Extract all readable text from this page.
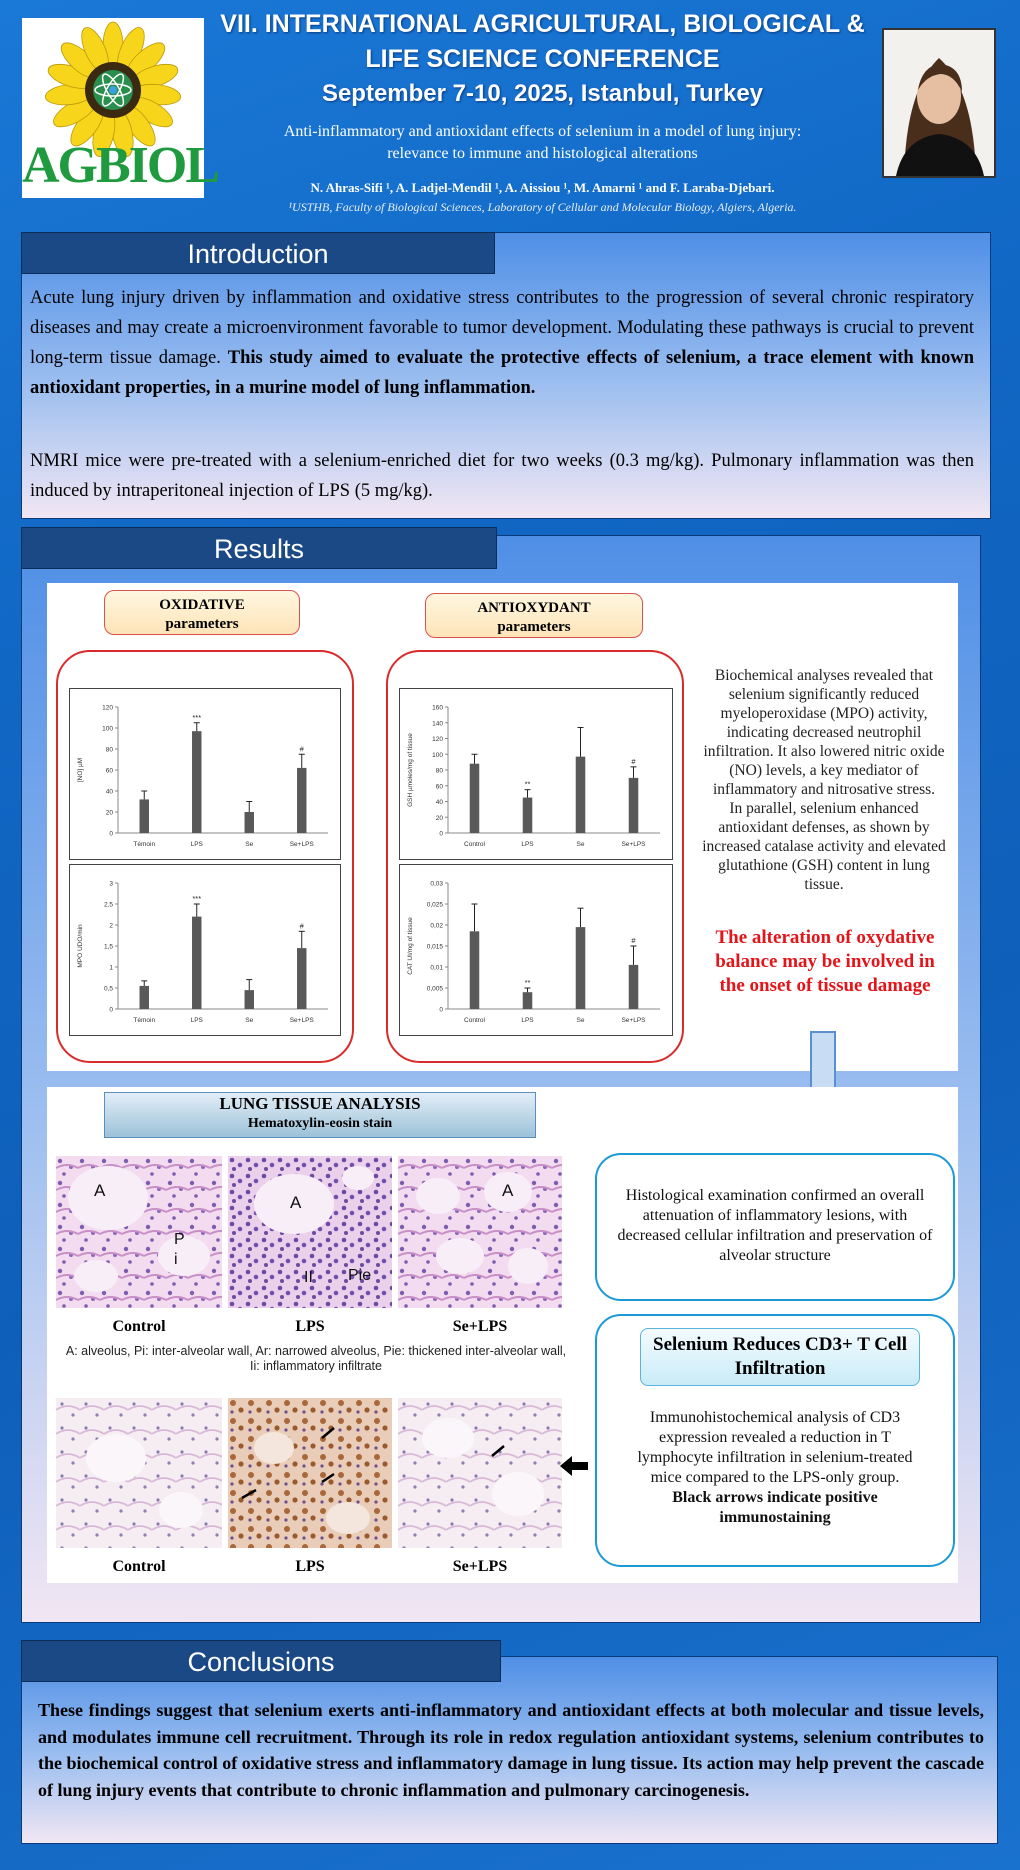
AGBIOL
VII. INTERNATIONAL AGRICULTURAL, BIOLOGICAL &
LIFE SCIENCE CONFERENCE
September 7-10, 2025, Istanbul, Turkey
Anti-inflammatory and antioxidant effects of selenium in a model of lung injury:
relevance to immune and histological alterations
N. Ahras-Sifi ¹, A. Ladjel-Mendil ¹, A. Aissiou ¹, M. Amarni ¹ and F. Laraba-Djebari.
¹USTHB, Faculty of Biological Sciences, Laboratory of Cellular and Molecular Biology, Algiers, Algeria.
Introduction
Acute lung injury driven by inflammation and oxidative stress contributes to the progression of several chronic respiratory diseases and may create a microenvironment favorable to tumor development. Modulating these pathways is crucial to prevent long-term tissue damage. This study aimed to evaluate the protective effects of selenium, a trace element with known antioxidant properties, in a murine model of lung inflammation.
NMRI mice were pre-treated with a selenium-enriched diet for two weeks (0.3 mg/kg). Pulmonary inflammation was then induced by intraperitoneal injection of LPS (5 mg/kg).
Results
OXIDATIVE
parameters
ANTIOXYDANT
parameters
0
20
40
60
80
100
120
[NO] µM
Témoin
***
LPS	Se
#
Se+LPS
0
0,5
1
1,5
2
2,5
3
MPO UDO/min
Témoin
***
LPS	Se
#
Se+LPS
0
20
40
60
80
100
120
140
160
GSH µmoles/mg of tissue
Control
**
LPS	Se
#
Se+LPS
0
0,005
0,01
0,015
0,02
0,025
0,03
CAT UI/mg of tissue
Control
**
LPS	Se
#
Se+LPS
Biochemical analyses revealed that selenium significantly reduced myeloperoxidase (MPO) activity, indicating decreased neutrophil infiltration. It also lowered nitric oxide (NO) levels, a key mediator of inflammatory and nitrosative stress.
In parallel, selenium enhanced antioxidant defenses, as shown by increased catalase activity and elevated glutathione (GSH) content in lung tissue.
The alteration of oxydative balance may be involved in the onset of tissue damage
LUNG TISSUE ANALYSIS
Hematoxylin-eosin stain
A
P
i
A
II Pie
A
Control	LPS	Se+LPS
A: alveolus, Pi: inter-alveolar wall, Ar: narrowed alveolus, Pie: thickened inter-alveolar wall,
Ii: inflammatory infiltrate
Control	LPS	Se+LPS
Histological examination confirmed an overall attenuation of inflammatory lesions, with decreased cellular infiltration and preservation of alveolar structure
Selenium Reduces CD3+ T Cell Infiltration
Immunohistochemical analysis of CD3 expression revealed a reduction in T lymphocyte infiltration in selenium-treated mice compared to the LPS-only group.
Black arrows indicate positive immunostaining
Conclusions
These findings suggest that selenium exerts anti-inflammatory and antioxidant effects at both molecular and tissue levels, and modulates immune cell recruitment. Through its role in redox regulation antioxidant systems, selenium contributes to the biochemical control of oxidative stress and inflammatory damage in lung tissue. Its action may help prevent the cascade of lung injury events that contribute to chronic inflammation and pulmonary carcinogenesis.
